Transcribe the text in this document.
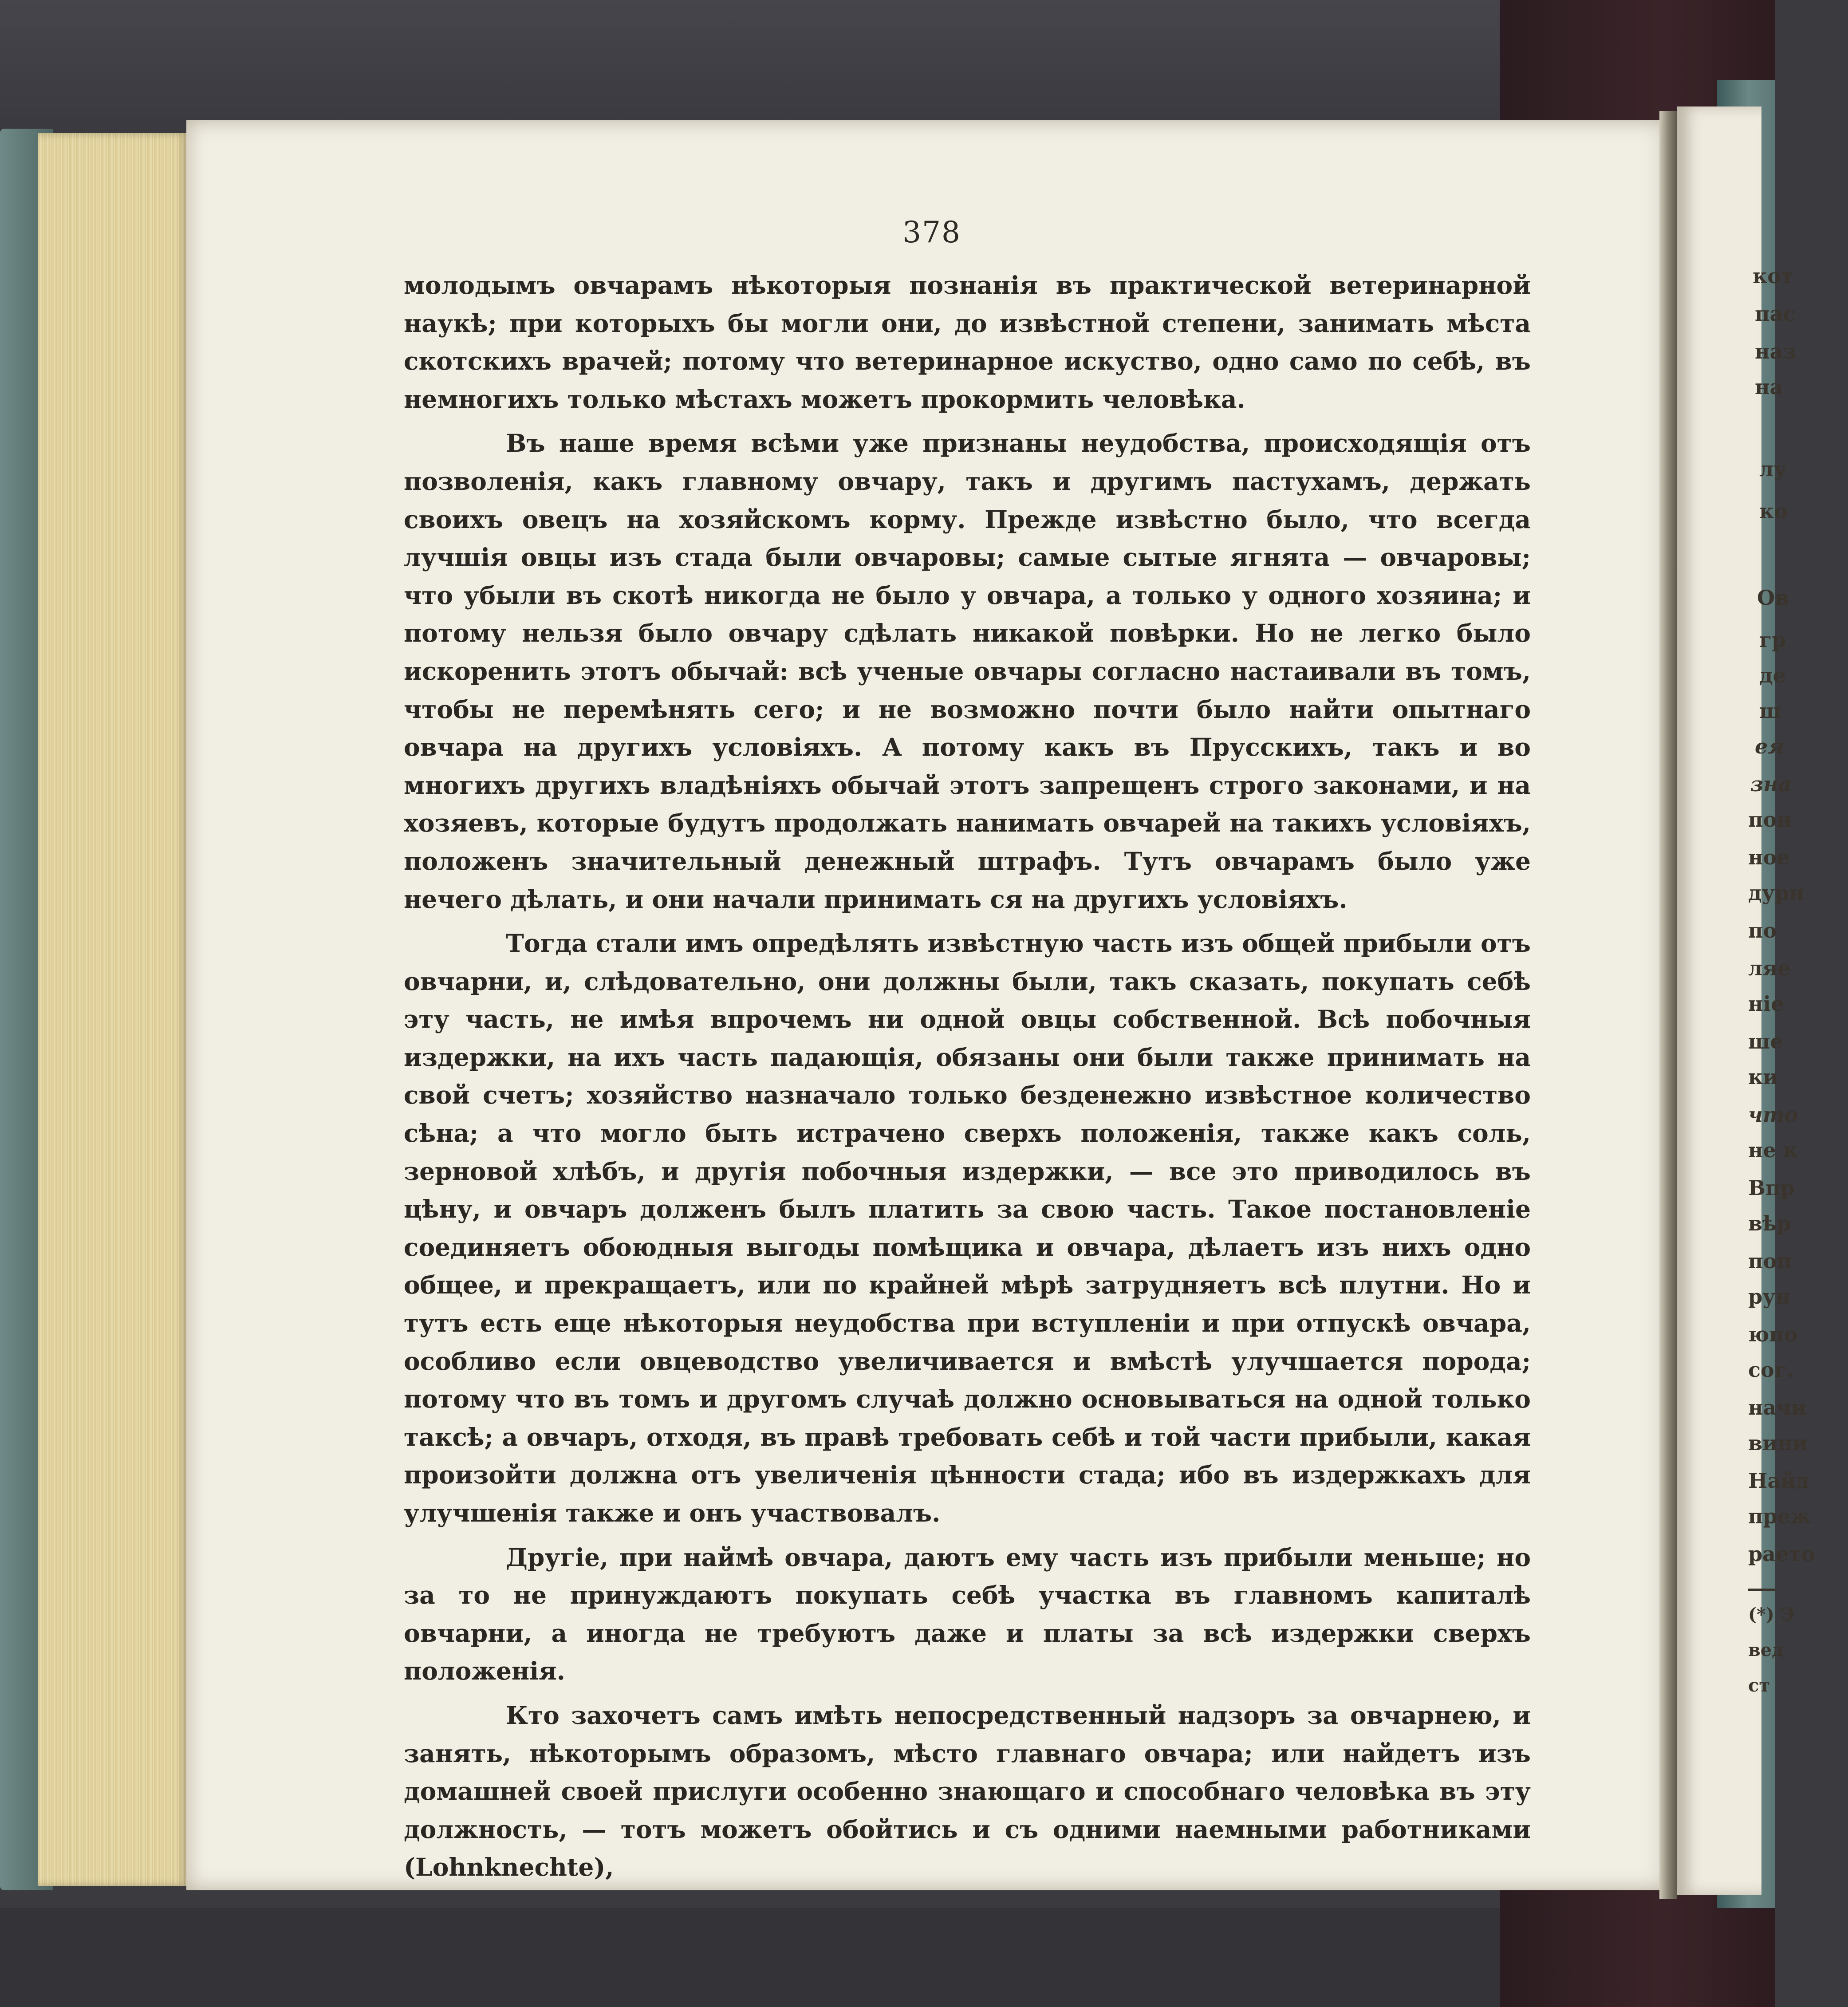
378

молодымъ овчарамъ нѣкоторыя познанія въ практической ветеринарной наукѣ; при которыхъ бы могли они, до извѣстной степени, занимать мѣста скотскихъ врачей; потому что ветеринарное искуство, одно само по себѣ, въ немногихъ только мѣстахъ можетъ прокормить человѣка.

Въ наше время всѣми уже признаны неудобства, происходящія отъ позволенія, какъ главному овчару, такъ и другимъ пастухамъ, держать своихъ овецъ на хозяйскомъ корму. Прежде извѣстно было, что всегда лучшія овцы изъ стада были овчаровы; самые сытые ягнята — овчаровы; что убыли въ скотѣ никогда не было у овчара, а только у одного хозяина; и потому нельзя было овчару сдѣлать никакой повѣрки. Но не легко было искоренить этотъ обычай: всѣ ученые овчары согласно настаивали въ томъ, чтобы не перемѣнять сего; и не возможно почти было найти опытнаго овчара на другихъ условіяхъ. А потому какъ въ Прусскихъ, такъ и во многихъ другихъ владѣніяхъ обычай этотъ запрещенъ строго законами, и на хозяевъ, которые будутъ продолжать нанимать овчарей на такихъ условіяхъ, положенъ значительный денежный штрафъ. Тутъ овчарамъ было уже нечего дѣлать, и они начали принимать ся на другихъ условіяхъ.

Тогда стали имъ опредѣлять извѣстную часть изъ общей прибыли отъ овчарни, и, слѣдовательно, они должны были, такъ сказать, покупать себѣ эту часть, не имѣя впрочемъ ни одной овцы собственной. Всѣ побочныя издержки, на ихъ часть падающія, обязаны они были также принимать на свой счетъ; хозяйство назначало только безденежно извѣстное количество сѣна; а что могло быть истрачено сверхъ положенія, также какъ соль, зерновой хлѣбъ, и другія побочныя издержки, — все это приводилось въ цѣну, и овчаръ долженъ былъ платить за свою часть. Такое постановленіе соединяетъ обоюдныя выгоды помѣщика и овчара, дѣлаетъ изъ нихъ одно общее, и прекращаетъ, или по крайней мѣрѣ затрудняетъ всѣ плутни. Но и тутъ есть еще нѣкоторыя неудобства при вступленіи и при отпускѣ овчара, особливо если овцеводство увеличивается и вмѣстѣ улучшается порода; потому что въ томъ и другомъ случаѣ должно основываться на одной только таксѣ; а овчаръ, отходя, въ правѣ требовать себѣ и той части прибыли, какая произойти должна отъ увеличенія цѣнности стада; ибо въ издержкахъ для улучшенія также и онъ участвовалъ.

Другіе, при наймѣ овчара, даютъ ему часть изъ прибыли меньше; но за то не принуждаютъ покупать себѣ участка въ главномъ капиталѣ овчарни, а иногда не требуютъ даже и платы за всѣ издержки сверхъ положенія.

Кто захочетъ самъ имѣть непосредственный надзоръ за овчарнею, и занять, нѣкоторымъ образомъ, мѣсто главнаго овчара; или найдетъ изъ домашней своей прислуги особенно знающаго и способнаго человѣка въ эту должность, — тотъ можетъ обойтись и съ одними наемными работниками (Lohnknechte),

кот
пас
наз
на
лу
ко
Ов
гр
де
ш
ея
зна
пон
ное
дурн
по
ляе
ніе
ше
ки
что
не к
Впр
вѣр
поп
рун
юпо
сог.
начи
вини
Найд
преж
раето
(*) Э
вед
ст
